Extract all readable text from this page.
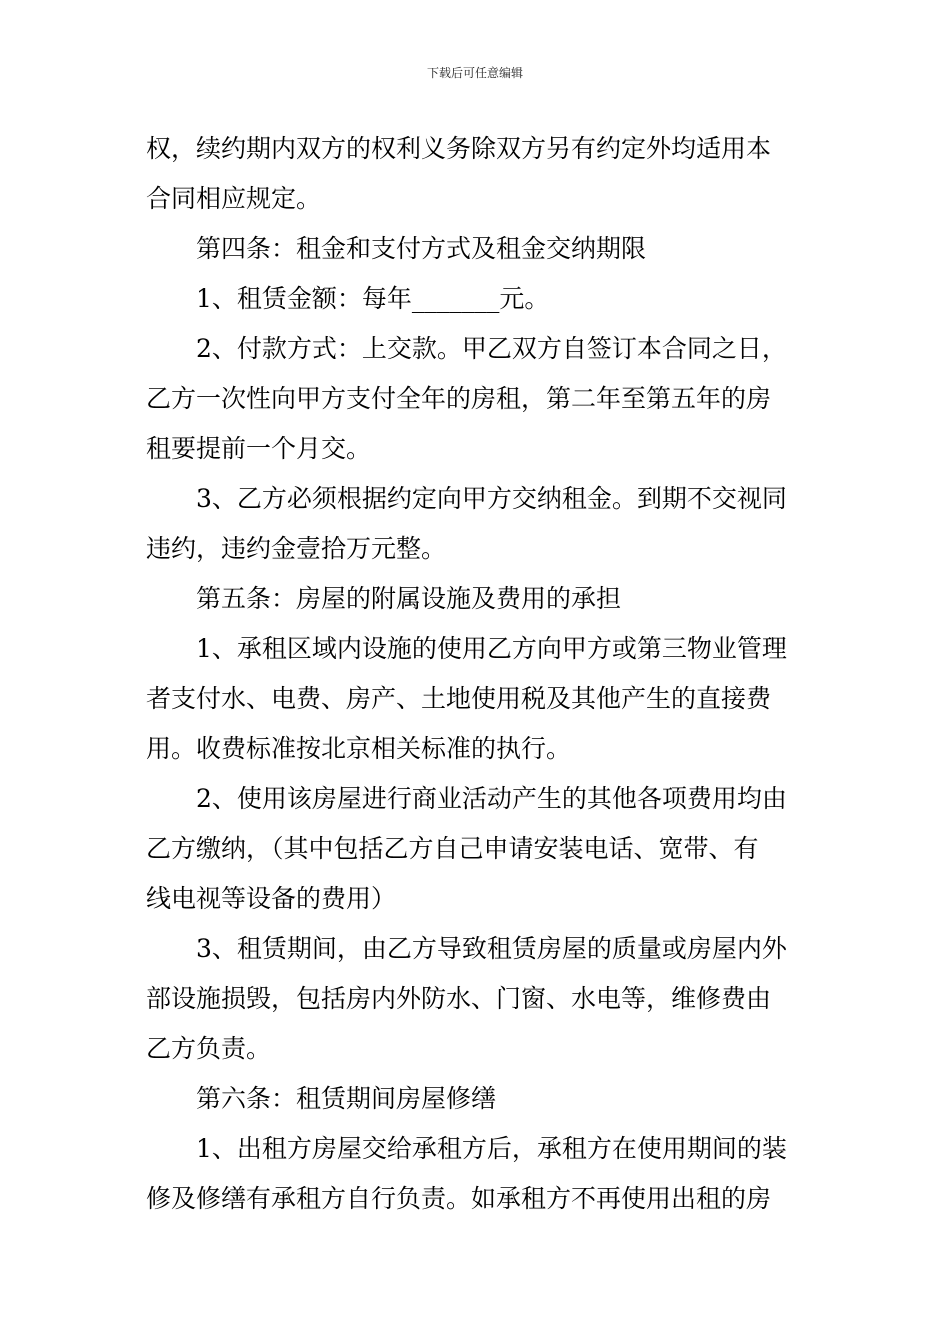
下载后可任意编辑
权，续约期内双方的权利义务除双方另有约定外均适用本
合同相应规定。
第四条：租金和支付方式及租金交纳期限
1、租赁金额：每年_______元。
2、付款方式：上交款。甲乙双方自签订本合同之日，
乙方一次性向甲方支付全年的房租，第二年至第五年的房
租要提前一个月交。
3、乙方必须根据约定向甲方交纳租金。到期不交视同
违约，违约金壹拾万元整。
第五条：房屋的附属设施及费用的承担
1、承租区域内设施的使用乙方向甲方或第三物业管理
者支付水、电费、房产、土地使用税及其他产生的直接费
用。收费标准按北京相关标准的执行。
2、使用该房屋进行商业活动产生的其他各项费用均由
乙方缴纳，（其中包括乙方自己申请安装电话、宽带、有
线电视等设备的费用）
3、租赁期间，由乙方导致租赁房屋的质量或房屋内外
部设施损毁，包括房内外防水、门窗、水电等，维修费由
乙方负责。
第六条：租赁期间房屋修缮
1、出租方房屋交给承租方后，承租方在使用期间的装
修及修缮有承租方自行负责。如承租方不再使用出租的房
